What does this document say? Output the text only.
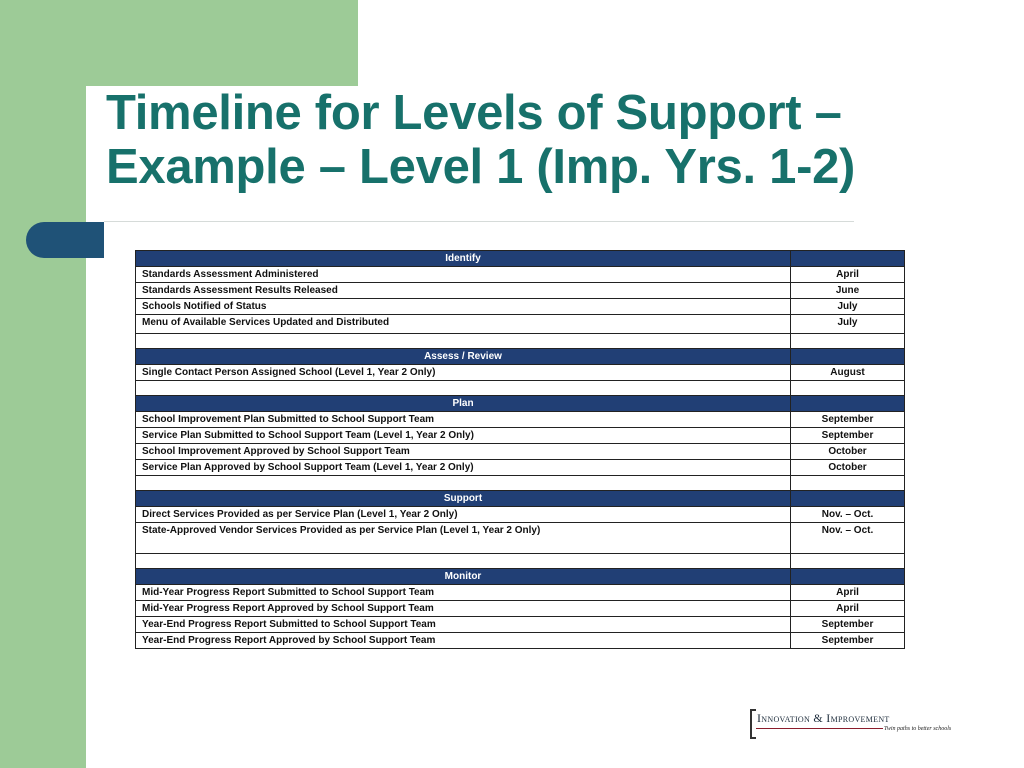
Timeline for Levels of Support –
Example – Level 1 (Imp. Yrs. 1-2)
Identify	
Standards Assessment Administered	April
Standards Assessment Results Released	June
Schools Notified of Status	July
Menu of Available Services Updated and Distributed	July

Assess / Review	
Single Contact Person Assigned School (Level 1, Year 2 Only)	August

Plan	
School Improvement Plan Submitted to School Support Team	September
Service Plan Submitted to School Support Team (Level 1, Year 2 Only)	September
School Improvement Approved by School Support Team	October
Service Plan Approved by School Support Team (Level 1, Year 2 Only)	October

Support	
Direct Services Provided as per Service Plan (Level 1, Year 2 Only)	Nov. – Oct.
State-Approved Vendor Services Provided as per Service Plan (Level 1, Year 2 Only)	Nov. – Oct.

Monitor	
Mid-Year Progress Report Submitted to School Support Team	April
Mid-Year Progress Report Approved by School Support Team	April
Year-End Progress Report Submitted to School Support Team	September
Year-End Progress Report Approved by School Support Team	September
Innovation & Improvement
Twin paths to better schools
